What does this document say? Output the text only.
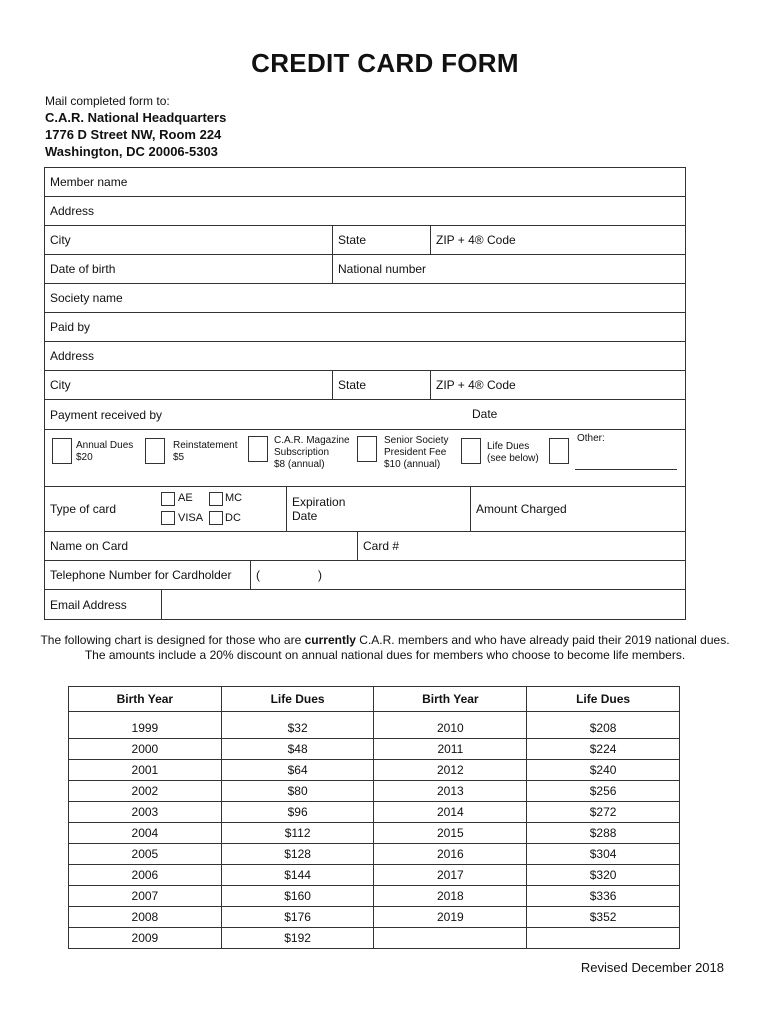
CREDIT CARD FORM
Mail completed form to:
C.A.R. National Headquarters
1776 D Street NW, Room 224
Washington, DC 20006-5303
Member name
Address
City	State	ZIP + 4® Code
Date of birth	National number
Society name
Paid by
Address
City	State	ZIP + 4® Code
Payment received by	Date
Annual Dues
$20
Reinstatement
$5
C.A.R. Magazine
Subscription
$8 (annual)
Senior Society
President Fee
$10 (annual)
Life Dues
(see below)
Other:
Type of card
AE	MC
VISA DC
Expiration
Date	Amount Charged
Name on Card	Card #
Telephone Number for Cardholder	(	)
Email Address
The following chart is designed for those who are currently C.A.R. members and who have already paid their 2019 national dues. The amounts include a 20% discount on annual national dues for members who choose to become life members.
Birth Year	Life Dues	Birth Year	Life Dues
1999	$32	2010	$208
2000	$48	2011	$224
2001	$64	2012	$240
2002	$80	2013	$256
2003	$96	2014	$272
2004	$112	2015	$288
2005	$128	2016	$304
2006	$144	2017	$320
2007	$160	2018	$336
2008	$176	2019	$352
2009	$192		
Revised December 2018
